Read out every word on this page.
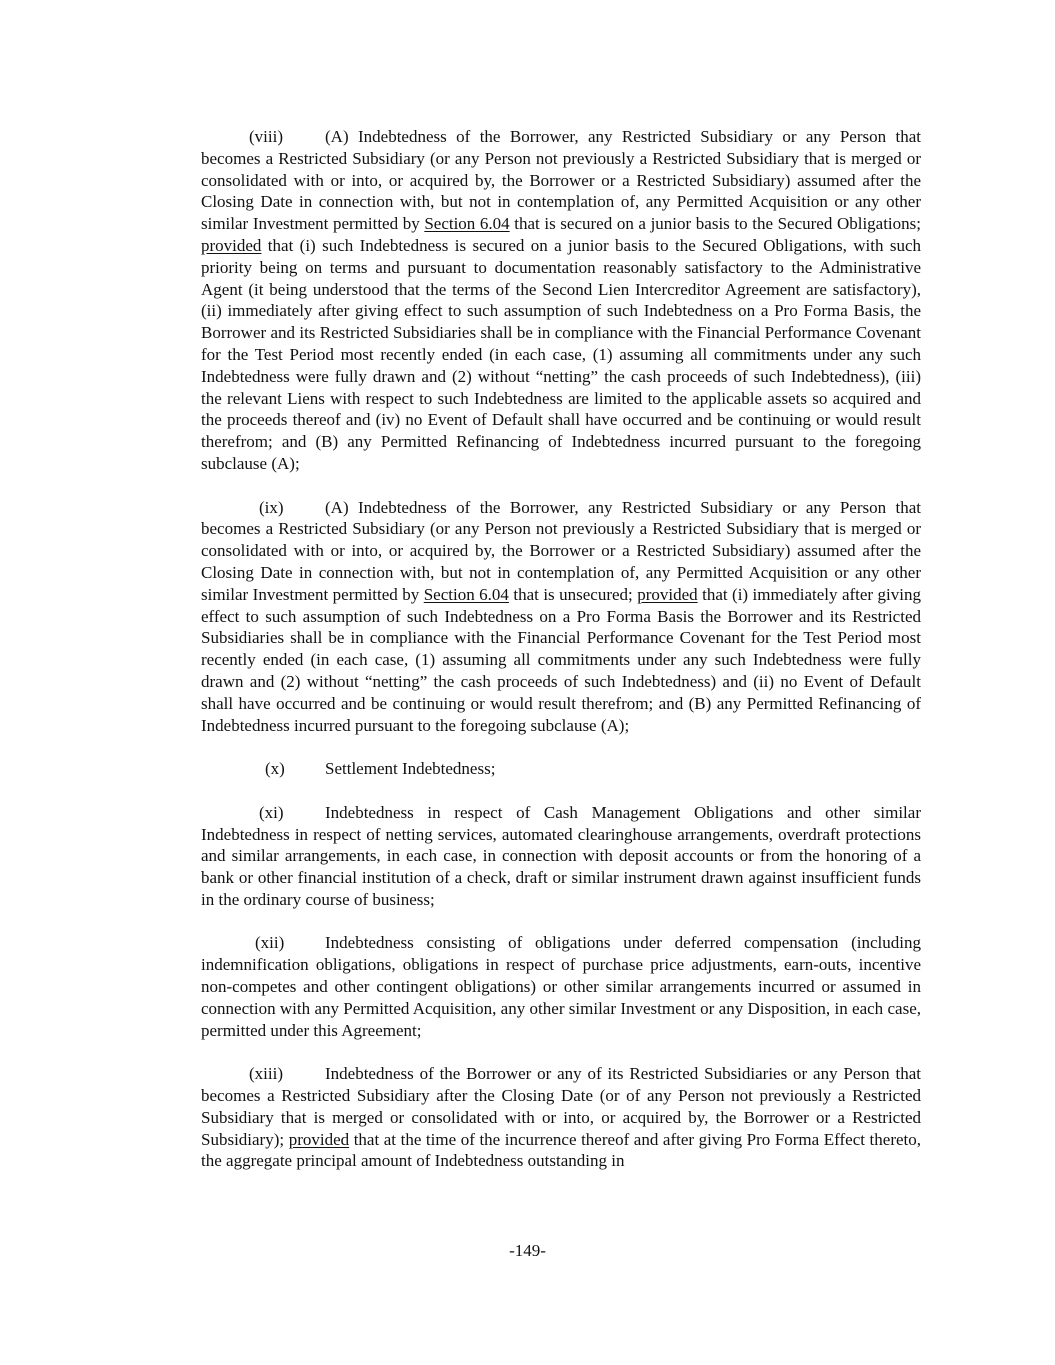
(viii) (A) Indebtedness of the Borrower, any Restricted Subsidiary or any Person that becomes a Restricted Subsidiary (or any Person not previously a Restricted Subsidiary that is merged or consolidated with or into, or acquired by, the Borrower or a Restricted Subsidiary) assumed after the Closing Date in connection with, but not in contemplation of, any Permitted Acquisition or any other similar Investment permitted by Section 6.04 that is secured on a junior basis to the Secured Obligations; provided that (i) such Indebtedness is secured on a junior basis to the Secured Obligations, with such priority being on terms and pursuant to documentation reasonably satisfactory to the Administrative Agent (it being understood that the terms of the Second Lien Intercreditor Agreement are satisfactory), (ii) immediately after giving effect to such assumption of such Indebtedness on a Pro Forma Basis, the Borrower and its Restricted Subsidiaries shall be in compliance with the Financial Performance Covenant for the Test Period most recently ended (in each case, (1) assuming all commitments under any such Indebtedness were fully drawn and (2) without “netting” the cash proceeds of such Indebtedness), (iii) the relevant Liens with respect to such Indebtedness are limited to the applicable assets so acquired and the proceeds thereof and (iv) no Event of Default shall have occurred and be continuing or would result therefrom; and (B) any Permitted Refinancing of Indebtedness incurred pursuant to the foregoing subclause (A);

(ix) (A) Indebtedness of the Borrower, any Restricted Subsidiary or any Person that becomes a Restricted Subsidiary (or any Person not previously a Restricted Subsidiary that is merged or consolidated with or into, or acquired by, the Borrower or a Restricted Subsidiary) assumed after the Closing Date in connection with, but not in contemplation of, any Permitted Acquisition or any other similar Investment permitted by Section 6.04 that is unsecured; provided that (i) immediately after giving effect to such assumption of such Indebtedness on a Pro Forma Basis the Borrower and its Restricted Subsidiaries shall be in compliance with the Financial Performance Covenant for the Test Period most recently ended (in each case, (1) assuming all commitments under any such Indebtedness were fully drawn and (2) without “netting” the cash proceeds of such Indebtedness) and (ii) no Event of Default shall have occurred and be continuing or would result therefrom; and (B) any Permitted Refinancing of Indebtedness incurred pursuant to the foregoing subclause (A);

(x) Settlement Indebtedness;

(xi) Indebtedness in respect of Cash Management Obligations and other similar Indebtedness in respect of netting services, automated clearinghouse arrangements, overdraft protections and similar arrangements, in each case, in connection with deposit accounts or from the honoring of a bank or other financial institution of a check, draft or similar instrument drawn against insufficient funds in the ordinary course of business;

(xii) Indebtedness consisting of obligations under deferred compensation (including indemnification obligations, obligations in respect of purchase price adjustments, earn-outs, incentive non-competes and other contingent obligations) or other similar arrangements incurred or assumed in connection with any Permitted Acquisition, any other similar Investment or any Disposition, in each case, permitted under this Agreement;

(xiii) Indebtedness of the Borrower or any of its Restricted Subsidiaries or any Person that becomes a Restricted Subsidiary after the Closing Date (or of any Person not previously a Restricted Subsidiary that is merged or consolidated with or into, or acquired by, the Borrower or a Restricted Subsidiary); provided that at the time of the incurrence thereof and after giving Pro Forma Effect thereto, the aggregate principal amount of Indebtedness outstanding in

-149-
